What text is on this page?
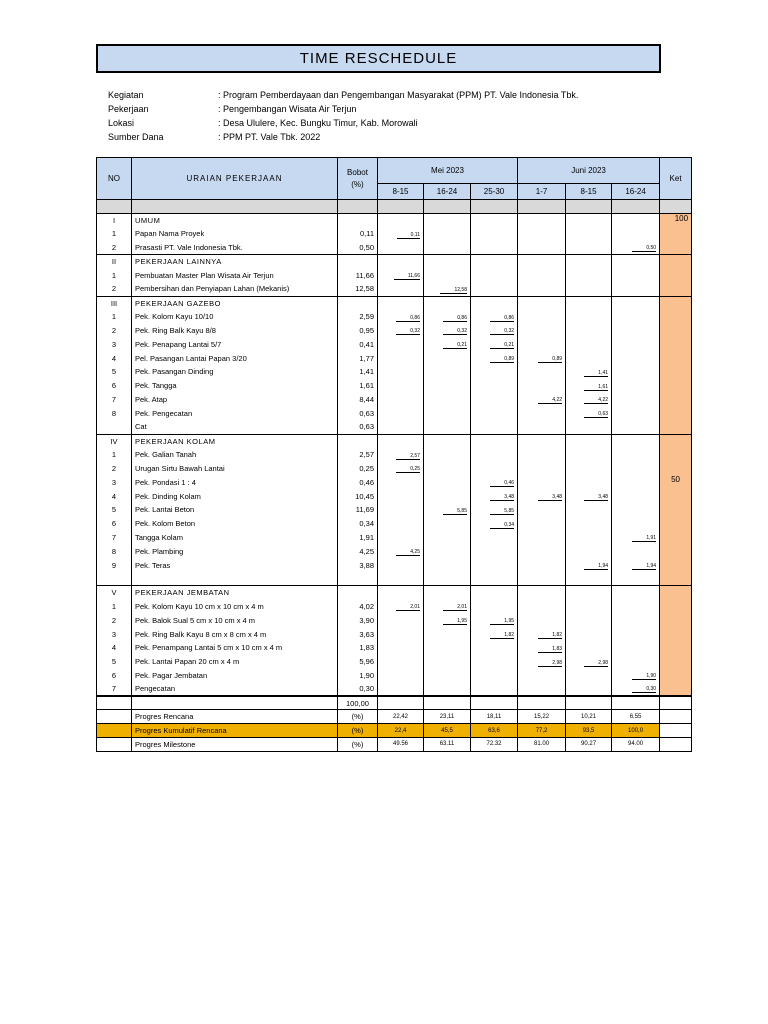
TIME RESCHEDULE
Kegiatan	: Program Pemberdayaan dan Pengembangan Masyarakat (PPM) PT. Vale Indonesia Tbk.
Pekerjaan	: Pengembangan Wisata Air Terjun
Lokasi	: Desa Ululere, Kec. Bungku Timur, Kab. Morowali
Sumber Dana	: PPM PT. Vale Tbk. 2022
NO	URAIAN PEKERJAAN	Bobot (%)	Mei 2023			Juni 2023			Ket
			8-15	16-24	25-30	1-7	8-15	16-24	

I	UMUM								100
1	Papan Nama Proyek	0,11	0,11						

2	Prasasti PT. Vale Indonesia Tbk.	0,50						0,50	

II	PEKERJAAN LAINNYA								
1	Pembuatan Master Plan Wisata Air Terjun	11,66	11,66						

2	Pembersihan dan Penyiapan Lahan (Mekanis)	12,58		12,58					

III	PEKERJAAN GAZEBO								
1	Pek. Kolom Kayu 10/10	2,59	0,86	0,86	0,86				

2	Pek. Ring Balk Kayu 8/8	0,95	0,32	0,32	0,32				

3	Pek. Penapang Lantai 5/7	0,41		0,21	0,21				

4	Pel. Pasangan Lantai Papan 3/20	1,77			0,89	0,89			

5	Pek. Pasangan Dinding	1,41					1,41		

6	Pek. Tangga	1,61					1,61		

7	Pek. Atap	8,44				4,22	4,22		

8	Pek. Pengecatan	0,63					0,63		

	Cat	0,63							
IV	PEKERJAAN KOLAM								
1	Pek. Galian Tanah	2,57	2,57						

2	Urugan Sirtu Bawah Lantai	0,25	0,25						

3	Pek. Pondasi 1 : 4	0,46			0,46				50
4	Pek. Dinding Kolam	10,45			3,48	3,48	3,48		

5	Pek. Lantai Beton	11,69		5,85	5,85				

6	Pek. Kolom Beton	0,34			0,34				

7	Tangga Kolam	1,91						1,91	

8	Pek. Plambing	4,25	4,25						

9	Pek. Teras	3,88					1,94	1,94	

V	PEKERJAAN JEMBATAN								
1	Pek. Kolom Kayu 10 cm x 10 cm x 4 m	4,02	2,01	2,01					

2	Pek. Balok Sual 5 cm x 10 cm x 4 m	3,90		1,95	1,95				

3	Pek. Ring Balk Kayu 8 cm x 8 cm x 4 m	3,63			1,82	1,82			

4	Pek. Penampang Lantai 5 cm x 10 cm x 4 m	1,83				1,83			

5	Pek. Lantai Papan 20 cm x 4 m	5,96				2,98	2,98		

6	Pek. Pagar Jembatan	1,90						1,90	

7	Pengecatan	0,30						0,30	

		100,00							
	Progres Rencana	(%)	22,42	23,11	18,11	15,22	10,21	6,55	
	Progres Kumulatif Rencana	(%)	22,4	45,5	63,6	77,2	93,5	100,0	
	Progres Milestone	(%)	49.56	63.11	72.32	81.00	90.27	94.00	
